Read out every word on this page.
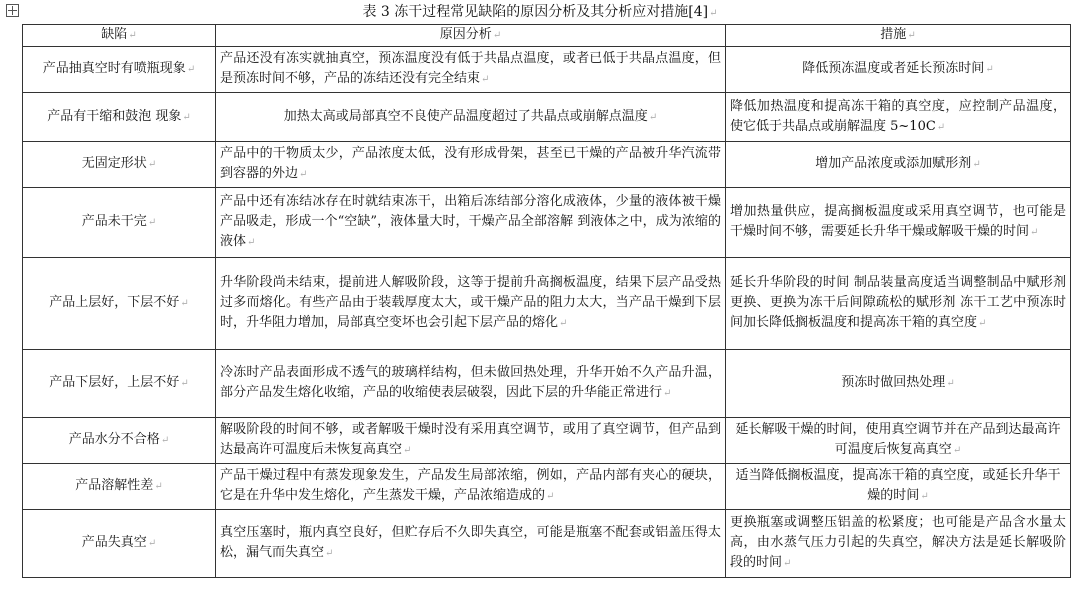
表 3 冻干过程常见缺陷的原因分析及其分析应对措施[4]↵
缺陷↵	原因分析↵	措施↵
产品抽真空时有喷瓶现象↵	产品还没有冻实就抽真空，预冻温度没有低于共晶点温度，或者已低于共晶点温度，但是预冻时间不够，产品的冻结还没有完全结束↵	降低预冻温度或者延长预冻时间↵
产品有干缩和鼓泡 现象↵	加热太高或局部真空不良使产品温度超过了共晶点或崩解点温度↵	降低加热温度和提高冻干箱的真空度，应控制产品温度，使它低于共晶点或崩解温度 5~10C↵
无固定形状↵	产品中的干物质太少，产品浓度太低，没有形成骨架，甚至已干燥的产品被升华汽流带到容器的外边↵	增加产品浓度或添加赋形剂↵
产品未干完↵	产品中还有冻结冰存在时就结束冻干，出箱后冻结部分溶化成液体，少量的液体被干燥产品吸走，形成一个“空缺”，液体量大时，干燥产品全部溶解 到液体之中，成为浓缩的液体↵	增加热量供应，提高搁板温度或采用真空调节，也可能是干燥时间不够，需要延长升华干燥或解吸干燥的时间↵
产品上层好，下层不好↵	升华阶段尚未结束，提前进人解吸阶段，这等于提前升高搁板温度，结果下层产品受热过多而熔化。有些产品由于装载厚度太大，或干燥产品的阻力太大，当产品干燥到下层时，升华阻力增加，局部真空变坏也会引起下层产品的熔化↵	延长升华阶段的时间 制品装量高度适当调整制品中赋形剂更换、更换为冻干后间隙疏松的赋形剂 冻干工艺中预冻时间加长降低搁板温度和提高冻干箱的真空度↵
产品下层好，上层不好↵	冷冻时产品表面形成不透气的玻璃样结构，但未做回热处理，升华开始不久产品升温，部分产品发生熔化收缩，产品的收缩使表层破裂，因此下层的升华能正常进行↵	预冻时做回热处理↵
产品水分不合格↵	解吸阶段的时间不够，或者解吸干燥时没有采用真空调节，或用了真空调节，但产品到达最高许可温度后未恢复高真空↵	延长解吸干燥的时间，使用真空调节并在产品到达最高许可温度后恢复高真空↵
产品溶解性差↵	产品干燥过程中有蒸发现象发生，产品发生局部浓缩，例如，产品内部有夹心的硬块，它是在升华中发生熔化，产生蒸发干燥，产品浓缩造成的↵	适当降低搁板温度，提高冻干箱的真空度，或延长升华干燥的时间↵
产品失真空↵	真空压塞时，瓶内真空良好，但贮存后不久即失真空，可能是瓶塞不配套或铝盖压得太松，漏气而失真空↵	更换瓶塞或调整压铝盖的松紧度；也可能是产品含水量太高，由水蒸气压力引起的失真空，解决方法是延长解吸阶段的时间↵
